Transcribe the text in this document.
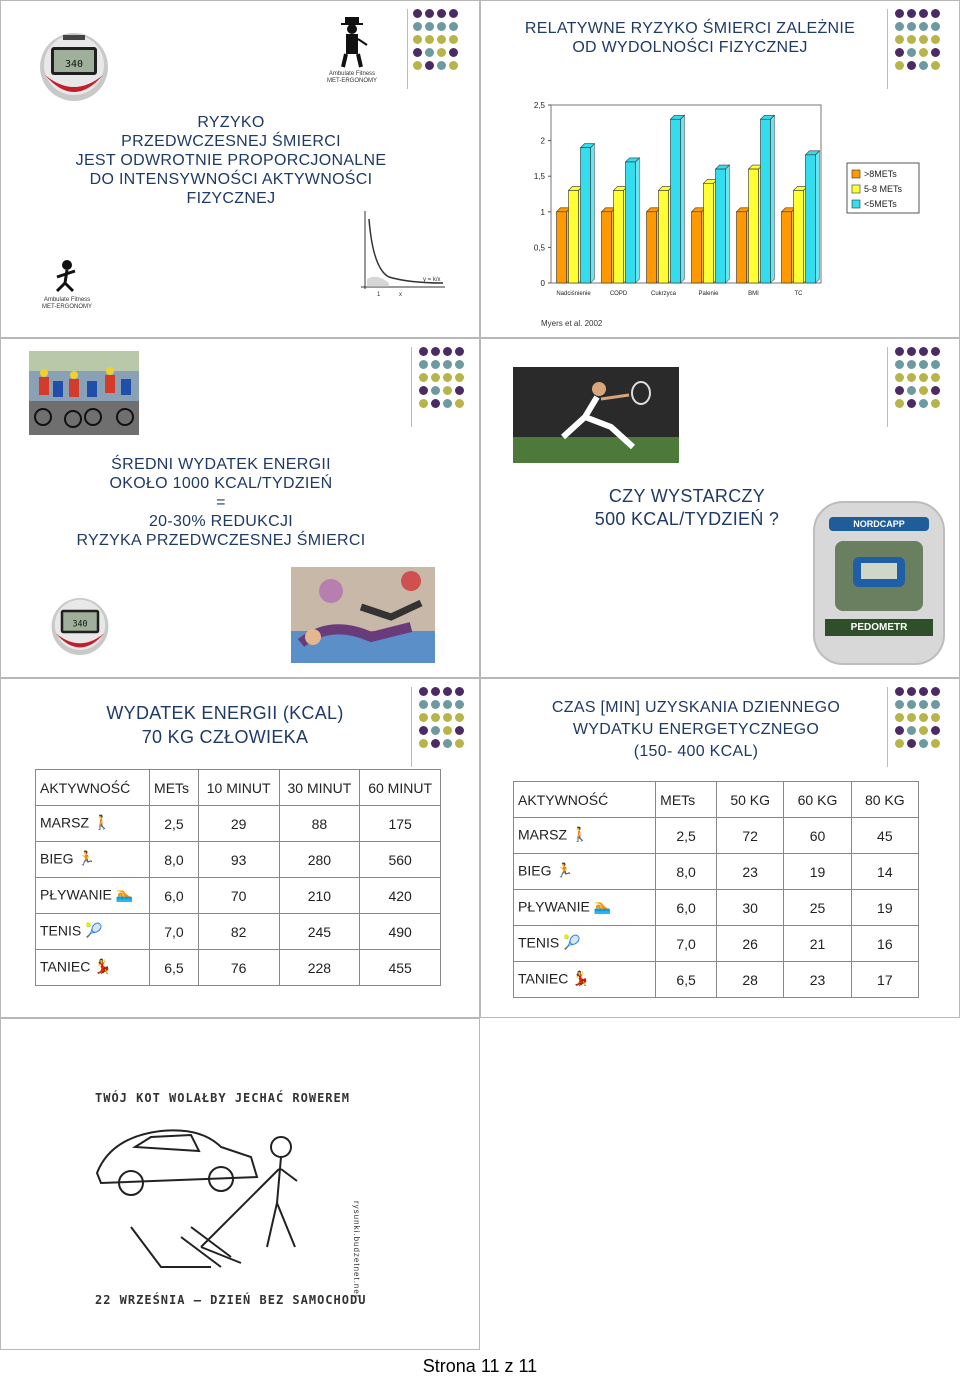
340
Ambulate Fitness
MET-ERGONOMY
RYZYKO
PRZEDWCZESNEJ ŚMIERCI
JEST ODWROTNIE PROPORCJONALNE
DO INTENSYWNOŚCI AKTYWNOŚCI
FIZYCZNEJ
Ambulate Fitness
MET-ERGONOMY
y = k/x
1	x
RELATYWNE RYZYKO ŚMIERCI ZALEŻNIE
OD WYDOLNOŚCI FIZYCZNEJ
0
0,5
1
1,5
2
2,5
Nadciśnienie	COPD	Cukrzyca	Palenie	BMI	TC
>8METs
5-8 METs
<5METs
Myers et al. 2002
ŚREDNI WYDATEK ENERGII
OKOŁO 1000 KCAL/TYDZIEŃ
=
20-30% REDUKCJI
RYZYKA PRZEDWCZESNEJ ŚMIERCI
340
CZY WYSTARCZY
500 KCAL/TYDZIEŃ ?	NORDCAPP
PEDOMETR
WYDATEK ENERGII (KCAL)
70 KG CZŁOWIEKA
AKTYWNOŚĆ	METs	10 MINUT	30 MINUT	60 MINUT
MARSZ 🚶	2,5	29	88	175
BIEG 🏃	8,0	93	280	560
PŁYWANIE 🏊	6,0	70	210	420
TENIS 🎾	7,0	82	245	490
TANIEC 💃	6,5	76	228	455
CZAS [MIN] UZYSKANIA DZIENNEGO
WYDATKU ENERGETYCZNEGO
(150- 400 KCAL)
AKTYWNOŚĆ	METs	50 KG	60 KG	80 KG
MARSZ 🚶	2,5	72	60	45
BIEG 🏃	8,0	23	19	14
PŁYWANIE 🏊	6,0	30	25	19
TENIS 🎾	7,0	26	21	16
TANIEC 💃	6,5	28	23	17
TWÓJ KOT WOLAŁBY JECHAĆ ROWEREM
rysunki.budzetnet.net
22 WRZEŚNIA – DZIEŃ BEZ SAMOCHODU
Strona 11 z 11
